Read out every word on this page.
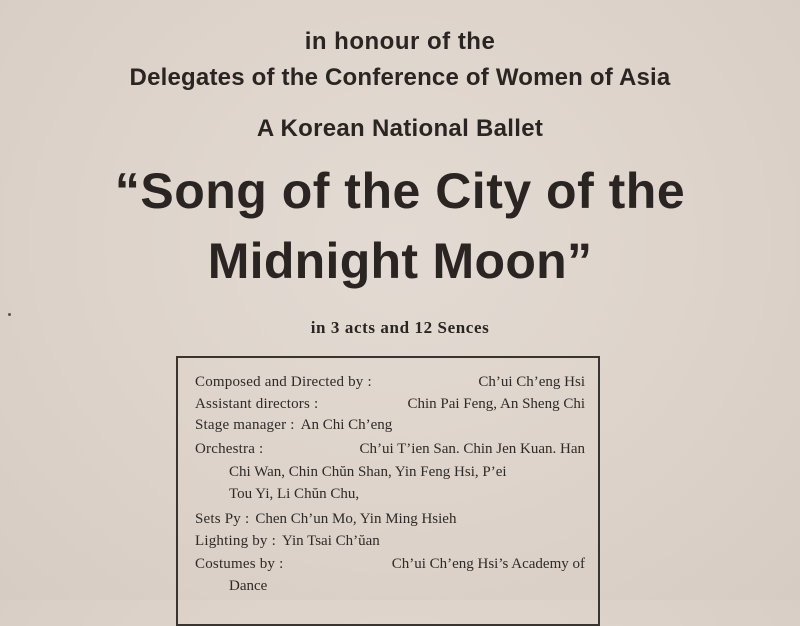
in honour of the
Delegates of the Conference of Women of Asia
A Korean National Ballet
“Song of the City of the
Midnight Moon”
in 3 acts and 12 Sences
Composed and Directed by :	Ch’ui Ch’eng Hsi
Assistant directors :	Chin Pai Feng, An Sheng Chi
Stage manager : An Chi Ch’eng
Orchestra :	Ch’ui T’ien San. Chin Jen Kuan. Han
Chi Wan, Chin Chŭn Shan, Yin Feng Hsi, P’ei
Tou Yi, Li Chŭn Chu,
Sets Py : Chen Ch’un Mo, Yin Ming Hsieh
Lighting by : Yin Tsai Ch’ŭan
Costumes by :	Ch’ui Ch’eng Hsi’s Academy of
Dance
